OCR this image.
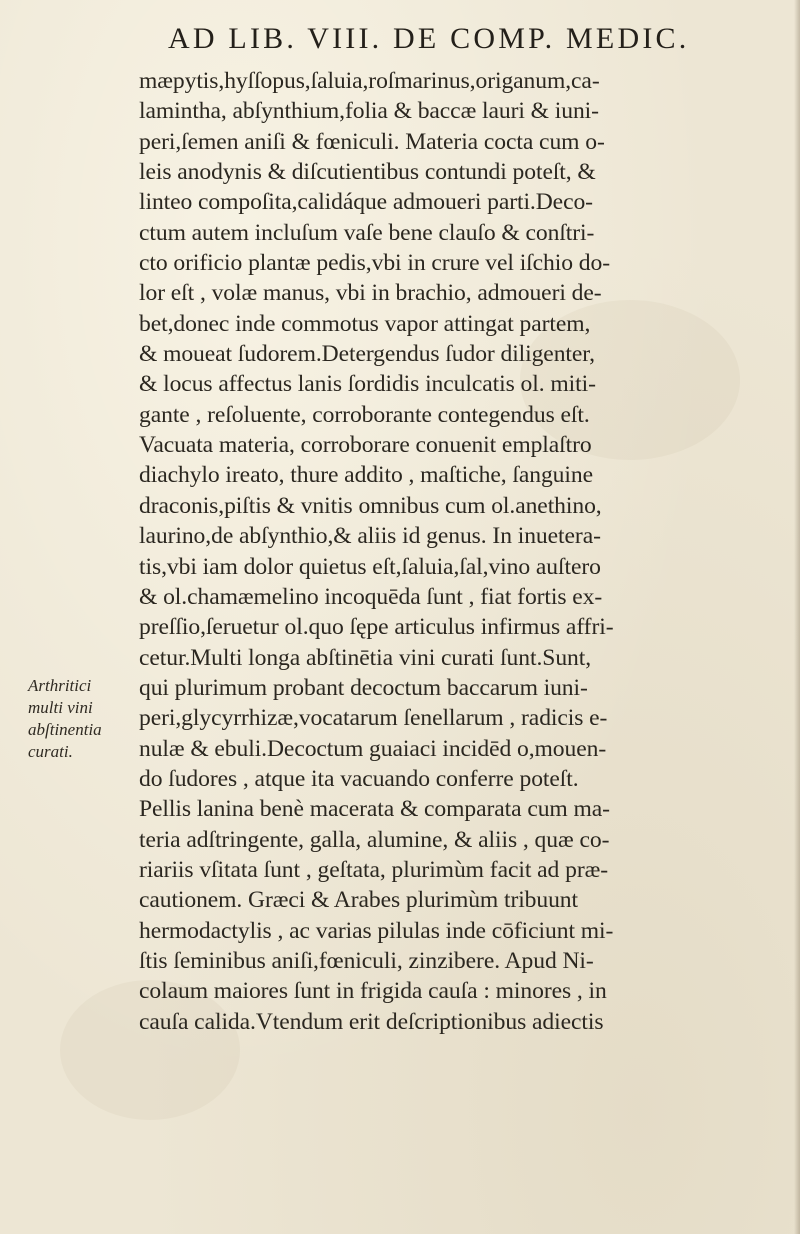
AD LIB. VIII. DE COMP. MEDIC.
Arthritici
multi vini
abſtinentia
curati.
mæpytis,hyſſopus,ſaluia,roſmarinus,origanum,ca-
lamintha, abſynthium,folia & baccæ lauri & iuni-
peri,ſemen aniſi & fœniculi. Materia cocta cum o-
leis anodynis & diſcutientibus contundi poteſt, &
linteo compoſita,calidáque admoueri parti.Deco-
ctum autem incluſum vaſe bene clauſo & conſtri-
cto orificio plantæ pedis,vbi in crure vel iſchio do-
lor eſt , volæ manus, vbi in brachio, admoueri de-
bet,donec inde commotus vapor attingat partem,
& moueat ſudorem.Detergendus ſudor diligenter,
& locus affectus lanis ſordidis inculcatis ol. miti-
gante , reſoluente, corroborante contegendus eſt.
Vacuata materia, corroborare conuenit emplaſtro
diachylo ireato, thure addito , maſtiche, ſanguine
draconis,piſtis & vnitis omnibus cum ol.anethino,
laurino,de abſynthio,& aliis id genus. In inuetera-
tis,vbi iam dolor quietus eſt,ſaluia,ſal,vino auſtero
& ol.chamæmelino incoquēda ſunt , fiat fortis ex-
preſſio,ſeruetur ol.quo ſępe articulus infirmus affri-
cetur.Multi longa abſtinētia vini curati ſunt.Sunt,
qui plurimum probant decoctum baccarum iuni-
peri,glycyrrhizæ,vocatarum ſenellarum , radicis e-
nulæ & ebuli.Decoctum guaiaci incidēd o,mouen-
do ſudores , atque ita vacuando conferre poteſt.
Pellis lanina benè macerata & comparata cum ma-
teria adſtringente, galla, alumine, & aliis , quæ co-
riariis vſitata ſunt , geſtata, plurimùm facit ad præ-
cautionem. Græci & Arabes plurimùm tribuunt
hermodactylis , ac varias pilulas inde cōficiunt mi-
ſtis ſeminibus aniſi,fœniculi, zinzibere. Apud Ni-
colaum maiores ſunt in frigida cauſa : minores , in
cauſa calida.Vtendum erit deſcriptionibus adiectis
